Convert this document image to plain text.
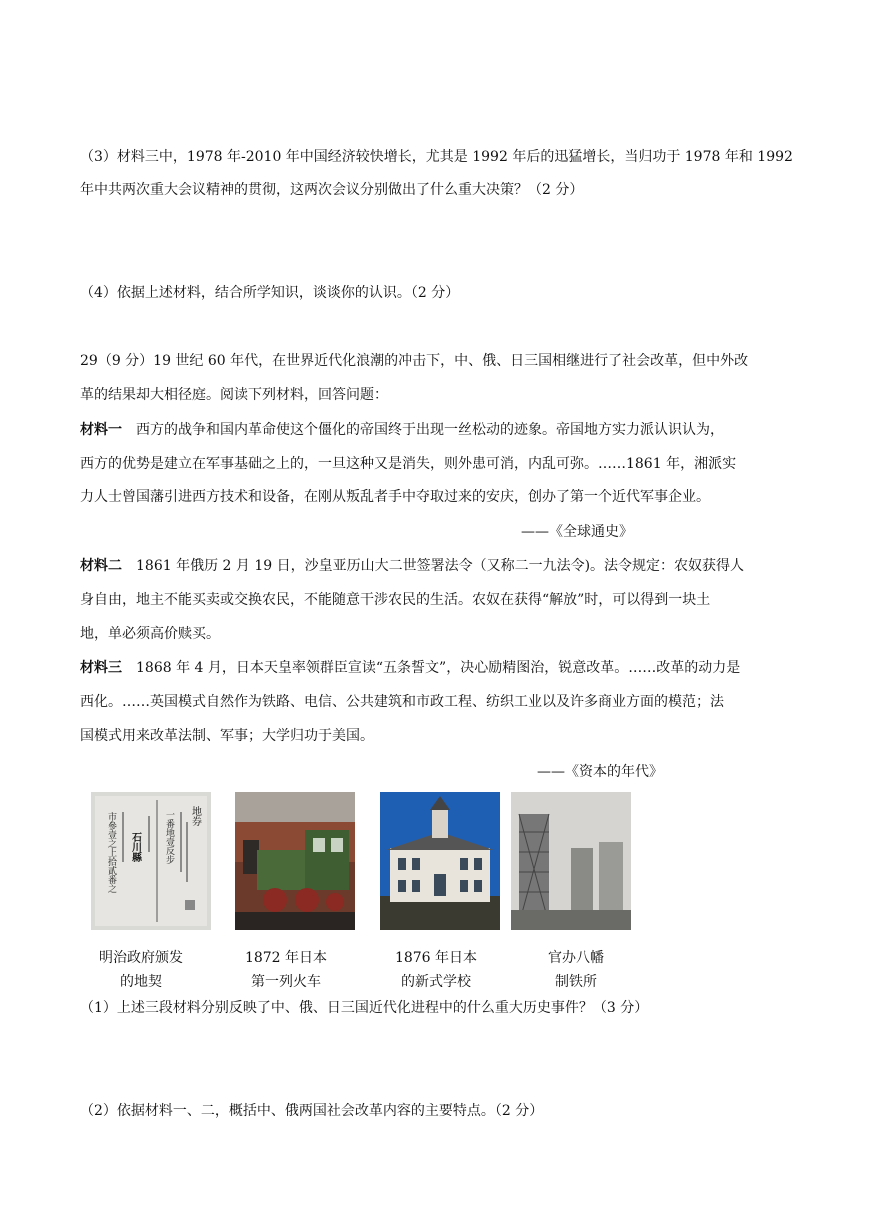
（3）材料三中，1978 年-2010 年中国经济较快增长，尤其是 1992 年后的迅猛增长，当归功于 1978 年和 1992
年中共两次重大会议精神的贯彻，这两次会议分别做出了什么重大决策？（2 分）
（4）依据上述材料，结合所学知识，谈谈你的认识。（2 分）
29（9 分）19 世纪 60 年代，在世界近代化浪潮的冲击下，中、俄、日三国相继进行了社会改革，但中外改
革的结果却大相径庭。阅读下列材料，回答问题：
材料一　西方的战争和国内革命使这个僵化的帝国终于出现一丝松动的迹象。帝国地方实力派认识认为，
西方的优势是建立在军事基础之上的，一旦这种又是消失，则外患可消，内乱可弥。……1861 年，湘派实
力人士曾国藩引进西方技术和设备，在刚从叛乱者手中夺取过来的安庆，创办了第一个近代军事企业。
——《全球通史》
材料二　1861 年俄历 2 月 19 日，沙皇亚历山大二世签署法令（又称二一九法令)。法令规定：农奴获得人
身自由，地主不能买卖或交换农民，不能随意干涉农民的生活。农奴在获得“解放”时，可以得到一块土
地，单必须高价赎买。
材料三　1868 年 4 月，日本天皇率领群臣宣读“五条誓文”，决心励精图治，锐意改革。……改革的动力是
西化。……英国模式自然作为铁路、电信、公共建筑和市政工程、纺织工业以及许多商业方面的模范；法
国模式用来改革法制、军事；大学归功于美国。
——《资本的年代》
市參壹之上拾貳番之 石川縣	一番地壹反步 地券
明治政府颁发
的地契
1872 年日本
第一列火车
1876 年日本
的新式学校
官办八幡
制铁所
（1）上述三段材料分别反映了中、俄、日三国近代化进程中的什么重大历史事件？（3 分）
（2）依据材料一、二，概括中、俄两国社会改革内容的主要特点。（2 分）
